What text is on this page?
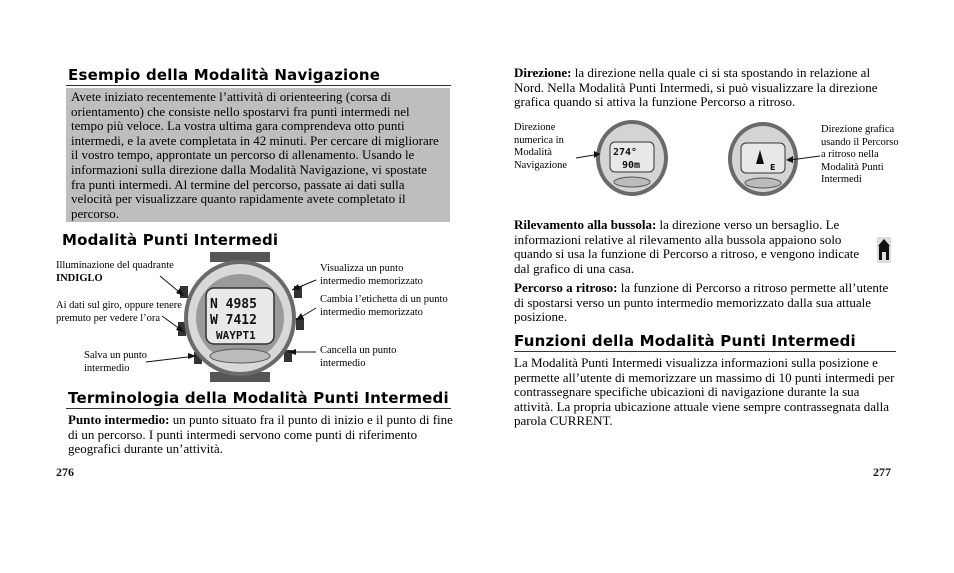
Esempio della Modalità Navigazione
Avete iniziato recentemente l’attività di orienteering (corsa di orientamento) che consiste nello spostarvi fra punti intermedi nel tempo più veloce. La vostra ultima gara comprendeva otto punti intermedi, e la avete completata in 42 minuti. Per cercare di migliorare il vostro tempo, approntate un percorso di allenamento. Usando le informazioni sulla direzione dalla Modalità Navigazione, vi spostate fra punti intermedi. Al termine del percorso, passate ai dati sulla velocità per visualizzare quanto rapidamente avete completato il percorso.
Modalità Punti Intermedi
Illuminazione del quadrante INDIGLO
Ai dati sul giro, oppure tenere premuto per vedere l’ora
Salva un punto intermedio
Visualizza un punto intermedio memorizzato
Cambia l’etichetta di un punto intermedio memorizzato
Cancella un punto intermedio
N 4985
W 7412
WAYPT1
Terminologia della Modalità Punti Intermedi
Punto intermedio: un punto situato fra il punto di inizio e il punto di fine di un percorso. I punti intermedi servono come punti di riferimento geografici durante un’attività.
276
Direzione: la direzione nella quale ci si sta spostando in relazione al Nord. Nella Modalità Punti Intermedi, si può visualizzare la direzione grafica quando si attiva la funzione Percorso a ritroso.
Direzione numerica in Modalità Navigazione
274°
90m	E
Direzione grafica usando il Percorso a ritroso nella Modalità Punti Intermedi
Rilevamento alla bussola: la direzione verso un bersaglio. Le informazioni relative al rilevamento alla bussola appaiono solo quando si usa la funzione di Percorso a ritroso, e vengono indicate dal grafico di una casa.
Percorso a ritroso: la funzione di Percorso a ritroso permette all’utente di spostarsi verso un punto intermedio memorizzato dalla sua attuale posizione.
Funzioni della Modalità Punti Intermedi
La Modalità Punti Intermedi visualizza informazioni sulla posizione e permette all’utente di memorizzare un massimo di 10 punti intermedi per contrassegnare specifiche ubicazioni di navigazione durante la sua attività. La propria ubicazione attuale viene sempre contrassegnata dalla parola CURRENT.
277
